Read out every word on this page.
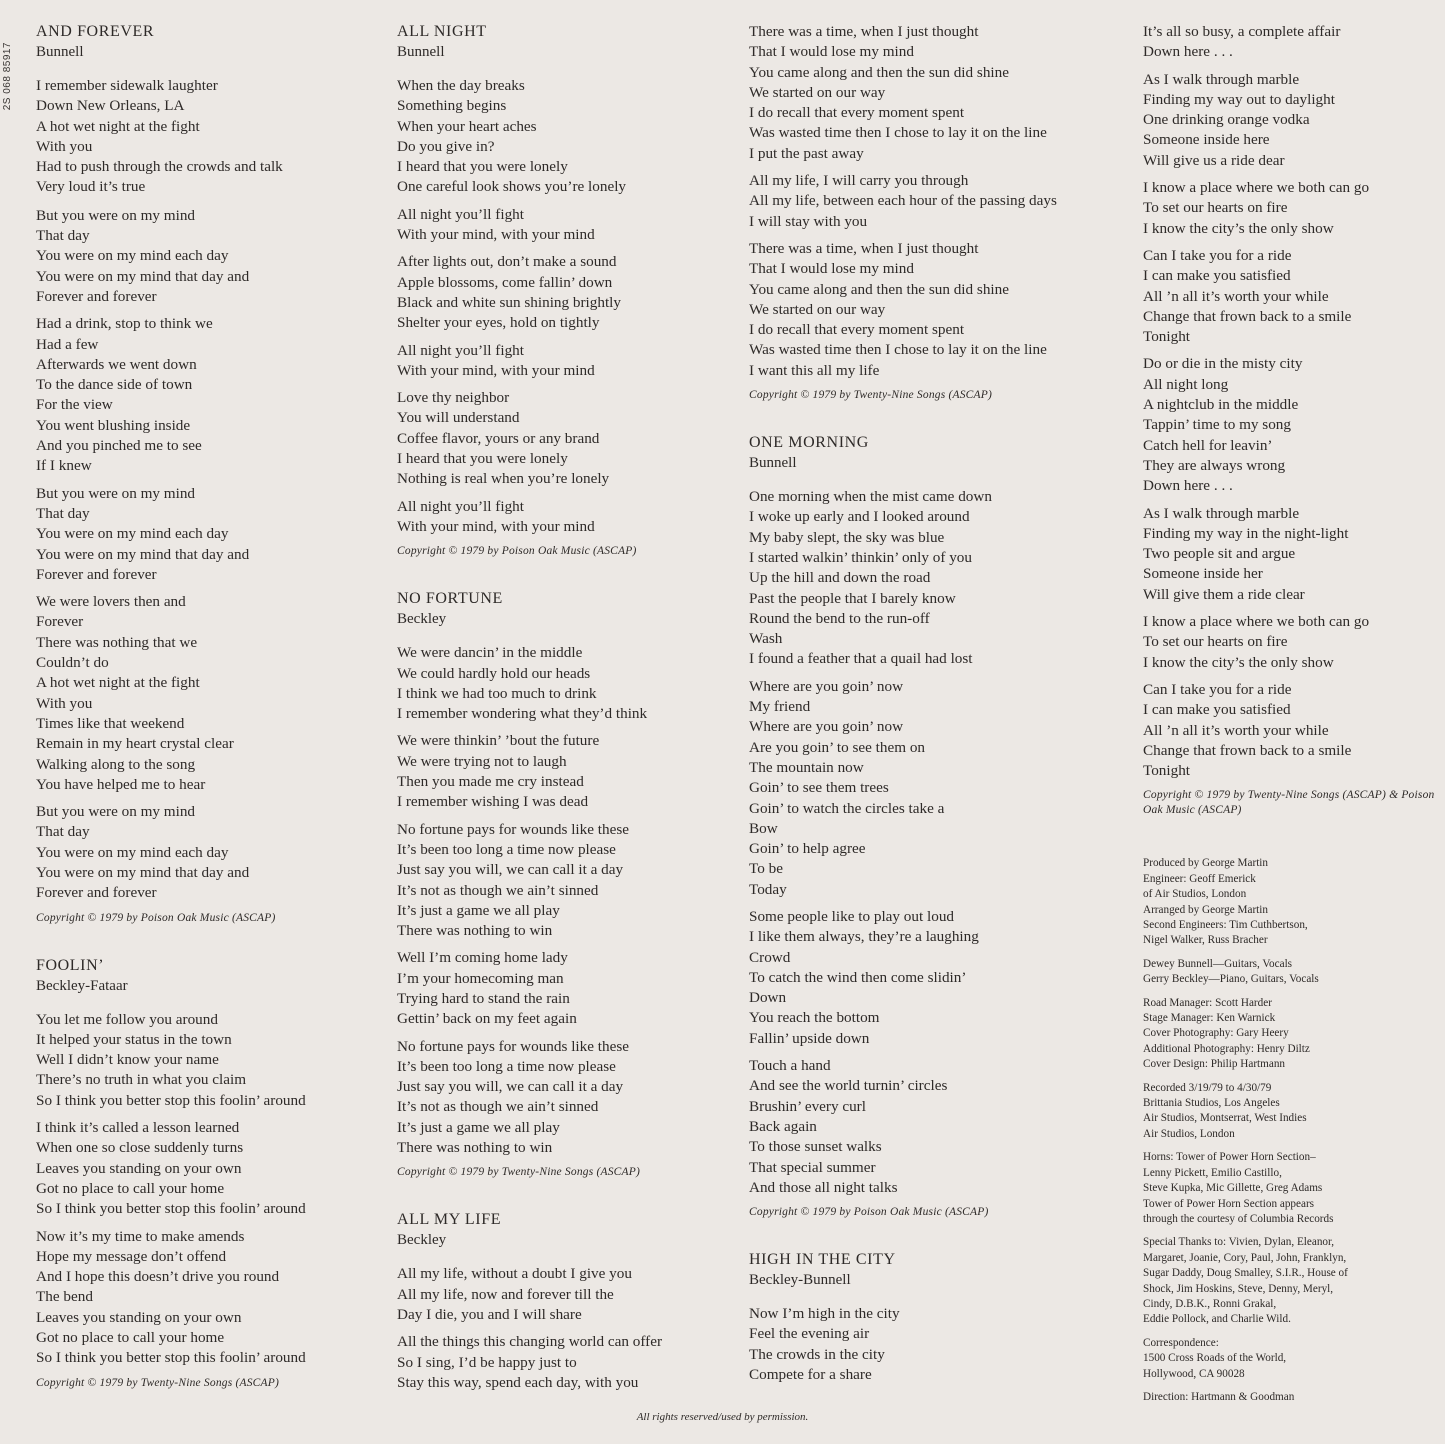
2S 068 85917
AND FOREVER
Bunnell
I remember sidewalk laughter
Down New Orleans, LA
A hot wet night at the fight
With you
Had to push through the crowds and talk
Very loud it’s true
But you were on my mind
That day
You were on my mind each day
You were on my mind that day and
Forever and forever
Had a drink, stop to think we
Had a few
Afterwards we went down
To the dance side of town
For the view
You went blushing inside
And you pinched me to see
If I knew
But you were on my mind
That day
You were on my mind each day
You were on my mind that day and
Forever and forever
We were lovers then and
Forever
There was nothing that we
Couldn’t do
A hot wet night at the fight
With you
Times like that weekend
Remain in my heart crystal clear
Walking along to the song
You have helped me to hear
But you were on my mind
That day
You were on my mind each day
You were on my mind that day and
Forever and forever
Copyright © 1979 by Poison Oak Music (ASCAP)
FOOLIN’
Beckley-Fataar
You let me follow you around
It helped your status in the town
Well I didn’t know your name
There’s no truth in what you claim
So I think you better stop this foolin’ around
I think it’s called a lesson learned
When one so close suddenly turns
Leaves you standing on your own
Got no place to call your home
So I think you better stop this foolin’ around
Now it’s my time to make amends
Hope my message don’t offend
And I hope this doesn’t drive you round
The bend
Leaves you standing on your own
Got no place to call your home
So I think you better stop this foolin’ around
Copyright © 1979 by Twenty-Nine Songs (ASCAP)
ALL NIGHT
Bunnell
When the day breaks
Something begins
When your heart aches
Do you give in?
I heard that you were lonely
One careful look shows you’re lonely
All night you’ll fight
With your mind, with your mind
After lights out, don’t make a sound
Apple blossoms, come fallin’ down
Black and white sun shining brightly
Shelter your eyes, hold on tightly
All night you’ll fight
With your mind, with your mind
Love thy neighbor
You will understand
Coffee flavor, yours or any brand
I heard that you were lonely
Nothing is real when you’re lonely
All night you’ll fight
With your mind, with your mind
Copyright © 1979 by Poison Oak Music (ASCAP)
NO FORTUNE
Beckley
We were dancin’ in the middle
We could hardly hold our heads
I think we had too much to drink
I remember wondering what they’d think
We were thinkin’ ’bout the future
We were trying not to laugh
Then you made me cry instead
I remember wishing I was dead
No fortune pays for wounds like these
It’s been too long a time now please
Just say you will, we can call it a day
It’s not as though we ain’t sinned
It’s just a game we all play
There was nothing to win
Well I’m coming home lady
I’m your homecoming man
Trying hard to stand the rain
Gettin’ back on my feet again
No fortune pays for wounds like these
It’s been too long a time now please
Just say you will, we can call it a day
It’s not as though we ain’t sinned
It’s just a game we all play
There was nothing to win
Copyright © 1979 by Twenty-Nine Songs (ASCAP)
ALL MY LIFE
Beckley
All my life, without a doubt I give you
All my life, now and forever till the
Day I die, you and I will share
All the things this changing world can offer
So I sing, I’d be happy just to
Stay this way, spend each day, with you
There was a time, when I just thought
That I would lose my mind
You came along and then the sun did shine
We started on our way
I do recall that every moment spent
Was wasted time then I chose to lay it on the line
I put the past away
All my life, I will carry you through
All my life, between each hour of the passing days
I will stay with you
There was a time, when I just thought
That I would lose my mind
You came along and then the sun did shine
We started on our way
I do recall that every moment spent
Was wasted time then I chose to lay it on the line
I want this all my life
Copyright © 1979 by Twenty-Nine Songs (ASCAP)
ONE MORNING
Bunnell
One morning when the mist came down
I woke up early and I looked around
My baby slept, the sky was blue
I started walkin’ thinkin’ only of you
Up the hill and down the road
Past the people that I barely know
Round the bend to the run-off
Wash
I found a feather that a quail had lost
Where are you goin’ now
My friend
Where are you goin’ now
Are you goin’ to see them on
The mountain now
Goin’ to see them trees
Goin’ to watch the circles take a
Bow
Goin’ to help agree
To be
Today
Some people like to play out loud
I like them always, they’re a laughing
Crowd
To catch the wind then come slidin’
Down
You reach the bottom
Fallin’ upside down
Touch a hand
And see the world turnin’ circles
Brushin’ every curl
Back again
To those sunset walks
That special summer
And those all night talks
Copyright © 1979 by Poison Oak Music (ASCAP)
HIGH IN THE CITY
Beckley-Bunnell
Now I’m high in the city
Feel the evening air
The crowds in the city
Compete for a share
It’s all so busy, a complete affair
Down here . . .
As I walk through marble
Finding my way out to daylight
One drinking orange vodka
Someone inside here
Will give us a ride dear
I know a place where we both can go
To set our hearts on fire
I know the city’s the only show
Can I take you for a ride
I can make you satisfied
All ’n all it’s worth your while
Change that frown back to a smile
Tonight
Do or die in the misty city
All night long
A nightclub in the middle
Tappin’ time to my song
Catch hell for leavin’
They are always wrong
Down here . . .
As I walk through marble
Finding my way in the night-light
Two people sit and argue
Someone inside her
Will give them a ride clear
I know a place where we both can go
To set our hearts on fire
I know the city’s the only show
Can I take you for a ride
I can make you satisfied
All ’n all it’s worth your while
Change that frown back to a smile
Tonight
Copyright © 1979 by Twenty-Nine Songs (ASCAP) & Poison Oak Music (ASCAP)
Produced by George Martin
Engineer: Geoff Emerick
of Air Studios, London
Arranged by George Martin
Second Engineers: Tim Cuthbertson,
Nigel Walker, Russ Bracher
Dewey Bunnell—Guitars, Vocals
Gerry Beckley—Piano, Guitars, Vocals
Road Manager: Scott Harder
Stage Manager: Ken Warnick
Cover Photography: Gary Heery
Additional Photography: Henry Diltz
Cover Design: Philip Hartmann
Recorded 3/19/79 to 4/30/79
Brittania Studios, Los Angeles
Air Studios, Montserrat, West Indies
Air Studios, London
Horns: Tower of Power Horn Section–
Lenny Pickett, Emilio Castillo,
Steve Kupka, Mic Gillette, Greg Adams
Tower of Power Horn Section appears
through the courtesy of Columbia Records
Special Thanks to: Vivien, Dylan, Eleanor,
Margaret, Joanie, Cory, Paul, John, Franklyn,
Sugar Daddy, Doug Smalley, S.I.R., House of
Shock, Jim Hoskins, Steve, Denny, Meryl,
Cindy, D.B.K., Ronni Grakal,
Eddie Pollock, and Charlie Wild.
Correspondence:
1500 Cross Roads of the World,
Hollywood, CA 90028
Direction: Hartmann & Goodman
All rights reserved/used by permission.
